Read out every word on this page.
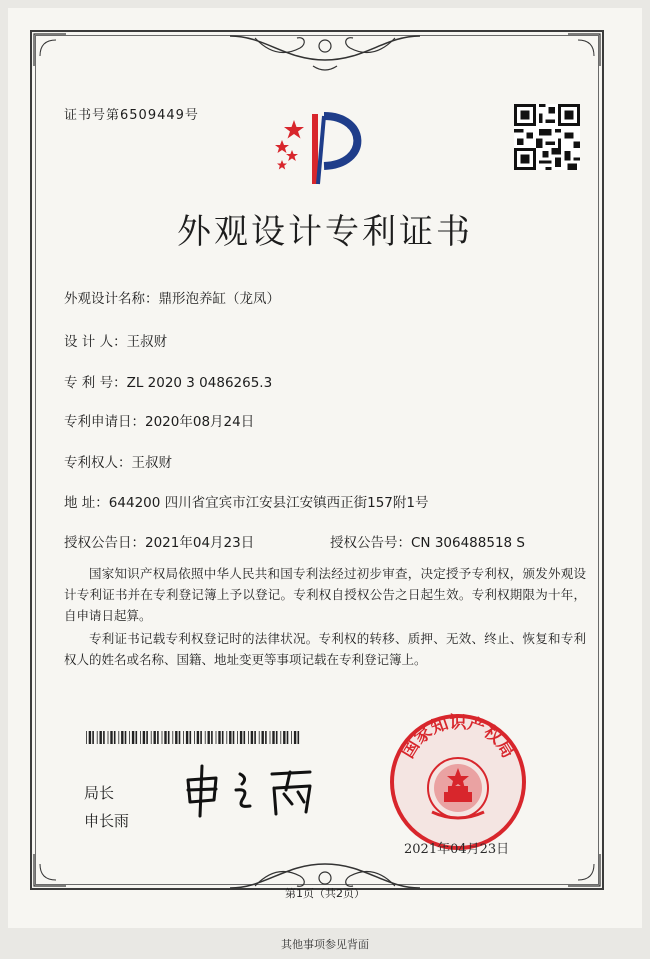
证书号第6509449号
外观设计专利证书
外观设计名称：鼎形泡养缸（龙凤）
设 计 人：王叔财
专 利 号：ZL 2020 3 0486265.3
专利申请日：2020年08月24日
专利权人：王叔财
地 址：644200 四川省宜宾市江安县江安镇西正街157附1号
授权公告日：2021年04月23日	授权公告号：CN 306488518 S
国家知识产权局依照中华人民共和国专利法经过初步审查，决定授予专利权，颁发外观设计专利证书并在专利登记簿上予以登记。专利权自授权公告之日起生效。专利权期限为十年，自申请日起算。
专利证书记载专利权登记时的法律状况。专利权的转移、质押、无效、终止、恢复和专利权人的姓名或名称、国籍、地址变更等事项记载在专利登记簿上。
局长
申长雨
国家知识产权局
2021年04月23日
第1页（共2页）
其他事项参见背面
